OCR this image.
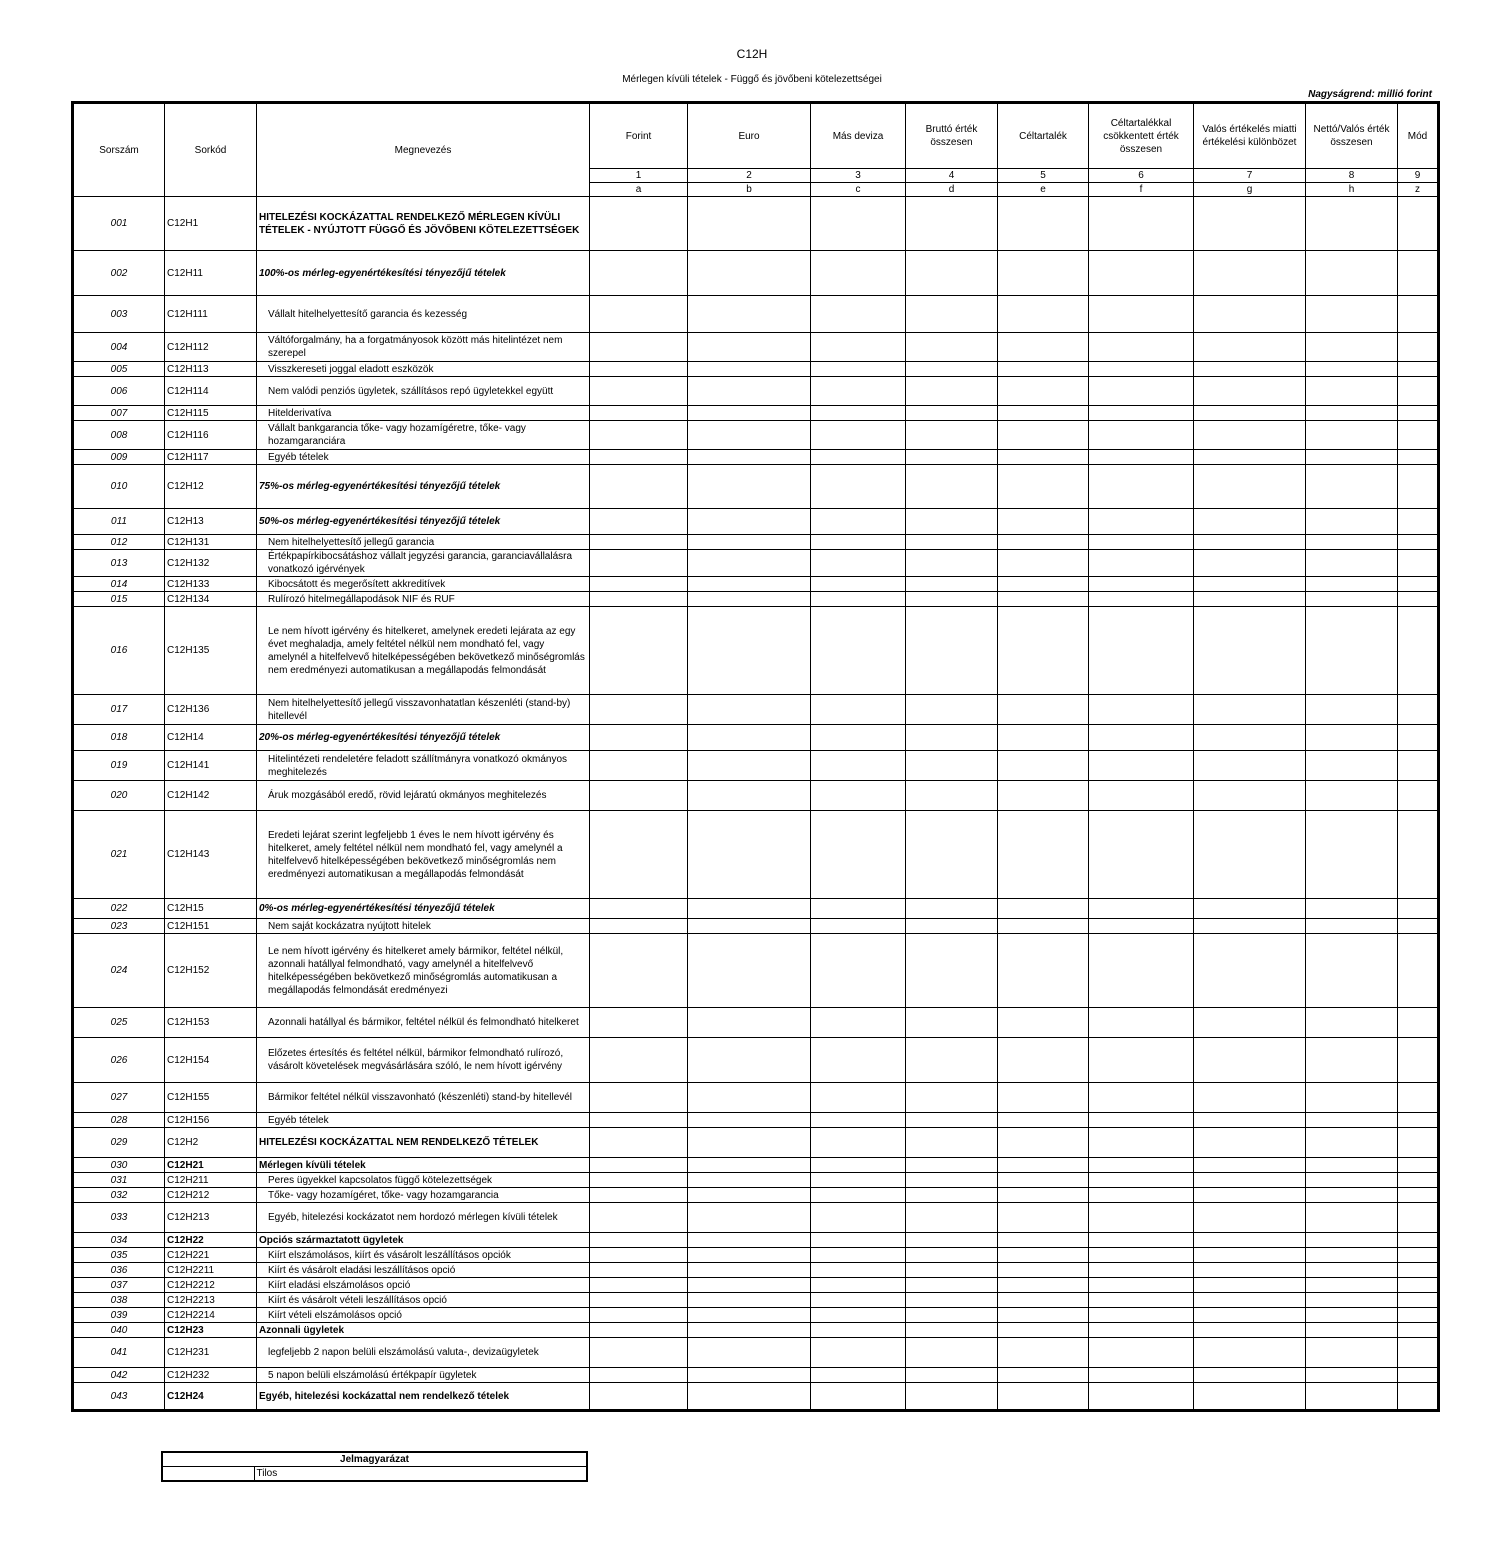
C12H
Mérlegen kívüli tételek - Függő és jövőbeni kötelezettségei
Nagyságrend: millió forint
Sorszám	Sorkód	Megnevezés	Forint	Euro	Más deviza	Bruttó érték összesen	Céltartalék	Céltartalékkal csökkentett érték összesen	Valós értékelés miatti értékelési különbözet	Nettó/Valós érték összesen	Mód
			1	2	3	4	5	6	7	8	9
			a	b	c	d	e	f	g	h	z
001	C12H1	HITELEZÉSI KOCKÁZATTAL RENDELKEZŐ MÉRLEGEN KÍVÜLI TÉTELEK - NYÚJTOTT FÜGGŐ ÉS JÖVŐBENI KÖTELEZETTSÉGEK									
002	C12H11	100%-os mérleg-egyenértékesítési tényezőjű tételek									
003	C12H111	Vállalt hitelhelyettesítő garancia és kezesség									
004	C12H112	Váltóforgalmány, ha a forgatmányosok között más hitelintézet nem szerepel									
005	C12H113	Visszkereseti joggal eladott eszközök									
006	C12H114	Nem valódi penziós ügyletek, szállításos repó ügyletekkel együtt									
007	C12H115	Hitelderivatíva									
008	C12H116	Vállalt bankgarancia tőke- vagy hozamígéretre, tőke- vagy hozamgaranciára									
009	C12H117	Egyéb tételek									
010	C12H12	75%-os mérleg-egyenértékesítési tényezőjű tételek									
011	C12H13	50%-os mérleg-egyenértékesítési tényezőjű tételek									
012	C12H131	Nem hitelhelyettesítő jellegű garancia									
013	C12H132	Értékpapírkibocsátáshoz vállalt jegyzési garancia, garanciavállalásra vonatkozó igérvények									
014	C12H133	Kibocsátott és megerősített akkreditívek									
015	C12H134	Rulírozó hitelmegállapodások NIF és RUF									
016	C12H135	Le nem hívott igérvény és hitelkeret, amelynek eredeti lejárata az egy évet meghaladja, amely feltétel nélkül nem mondható fel, vagy amelynél a hitelfelvevő hitelképességében bekövetkező minőségromlás nem eredményezi automatikusan a megállapodás felmondását									
017	C12H136	Nem hitelhelyettesítő jellegű visszavonhatatlan készenléti (stand-by) hitellevél									
018	C12H14	20%-os mérleg-egyenértékesítési tényezőjű tételek									
019	C12H141	Hitelintézeti rendeletére feladott szállítmányra vonatkozó okmányos meghitelezés									
020	C12H142	Áruk mozgásából eredő, rövid lejáratú okmányos meghitelezés									
021	C12H143	Eredeti lejárat szerint legfeljebb 1 éves le nem hívott igérvény és hitelkeret, amely feltétel nélkül nem mondható fel, vagy amelynél a hitelfelvevő hitelképességében bekövetkező minőségromlás nem eredményezi automatikusan a megállapodás felmondását									
022	C12H15	0%-os mérleg-egyenértékesítési tényezőjű tételek									
023	C12H151	Nem saját kockázatra nyújtott hitelek									
024	C12H152	Le nem hívott igérvény és hitelkeret amely bármikor, feltétel nélkül, azonnali hatállyal felmondható, vagy amelynél a hitelfelvevő hitelképességében bekövetkező minőségromlás automatikusan a megállapodás felmondását eredményezi									
025	C12H153	Azonnali hatállyal és bármikor, feltétel nélkül és felmondható hitelkeret									
026	C12H154	Előzetes értesítés és feltétel nélkül, bármikor felmondható rulírozó, vásárolt követelések megvásárlására szóló, le nem hívott igérvény									
027	C12H155	Bármikor feltétel nélkül visszavonható (készenléti) stand-by hitellevél									
028	C12H156	Egyéb tételek									
029	C12H2	HITELEZÉSI KOCKÁZATTAL NEM RENDELKEZŐ TÉTELEK									
030	C12H21	Mérlegen kívüli tételek									
031	C12H211	Peres ügyekkel kapcsolatos függő kötelezettségek									
032	C12H212	Tőke- vagy hozamígéret, tőke- vagy hozamgarancia									
033	C12H213	Egyéb, hitelezési kockázatot nem hordozó mérlegen kívüli tételek									
034	C12H22	Opciós származtatott ügyletek									
035	C12H221	Kiírt elszámolásos, kiírt és vásárolt leszállításos opciók									
036	C12H2211	Kiírt és vásárolt eladási leszállításos opció									
037	C12H2212	Kiírt eladási elszámolásos opció									
038	C12H2213	Kiírt és vásárolt vételi leszállításos opció									
039	C12H2214	Kiírt vételi elszámolásos opció									
040	C12H23	Azonnali ügyletek									
041	C12H231	legfeljebb 2 napon belüli elszámolású valuta-, devizaügyletek									
042	C12H232	5 napon belüli elszámolású értékpapír ügyletek									
043	C12H24	Egyéb, hitelezési kockázattal nem rendelkező tételek									
Jelmagyarázat
	Tilos
